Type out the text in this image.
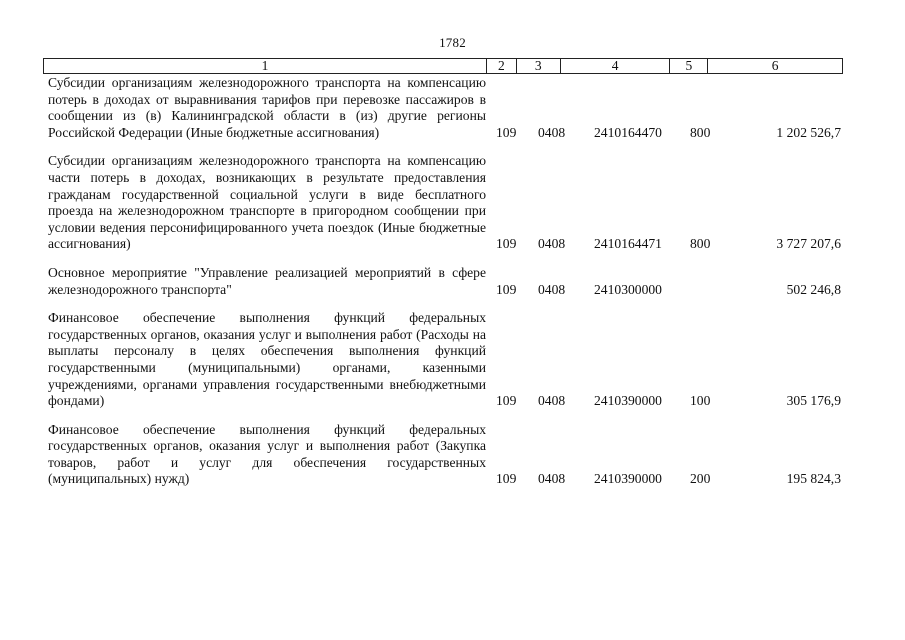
1782
1	2	3	4	5	6
Субсидии организациям железнодорожного транспорта на компенсацию потерь в доходах от выравнивания тарифов при перевозке пассажиров в сообщении из (в) Калининградской области в (из) другие регионы Российской Федерации (Иные бюджетные ассигнования)	109 0408 2410164470 800	1 202 526,7
Субсидии организациям железнодорожного транспорта на компенсацию части потерь в доходах, возникающих в результате предоставления гражданам государственной социальной услуги в виде бесплатного проезда на железнодорожном транспорте в пригородном сообщении при условии ведения персонифицированного учета поездок (Иные бюджетные ассигнования)	109 0408 2410164471 800	3 727 207,6
Основное мероприятие "Управление реализацией мероприятий в сфере железнодорожного транспорта"	109 0408 2410300000	502 246,8
Финансовое обеспечение выполнения функций федеральных государственных органов, оказания услуг и выполнения работ (Расходы на выплаты персоналу в целях обеспечения выполнения функций государственными (муниципальными) органами, казенными учреждениями, органами управления государственными внебюджетными фондами)	109 0408 2410390000 100	305 176,9
Финансовое обеспечение выполнения функций федеральных государственных органов, оказания услуг и выполнения работ (Закупка товаров, работ и услуг для обеспечения государственных (муниципальных) нужд)	109 0408 2410390000 200	195 824,3
